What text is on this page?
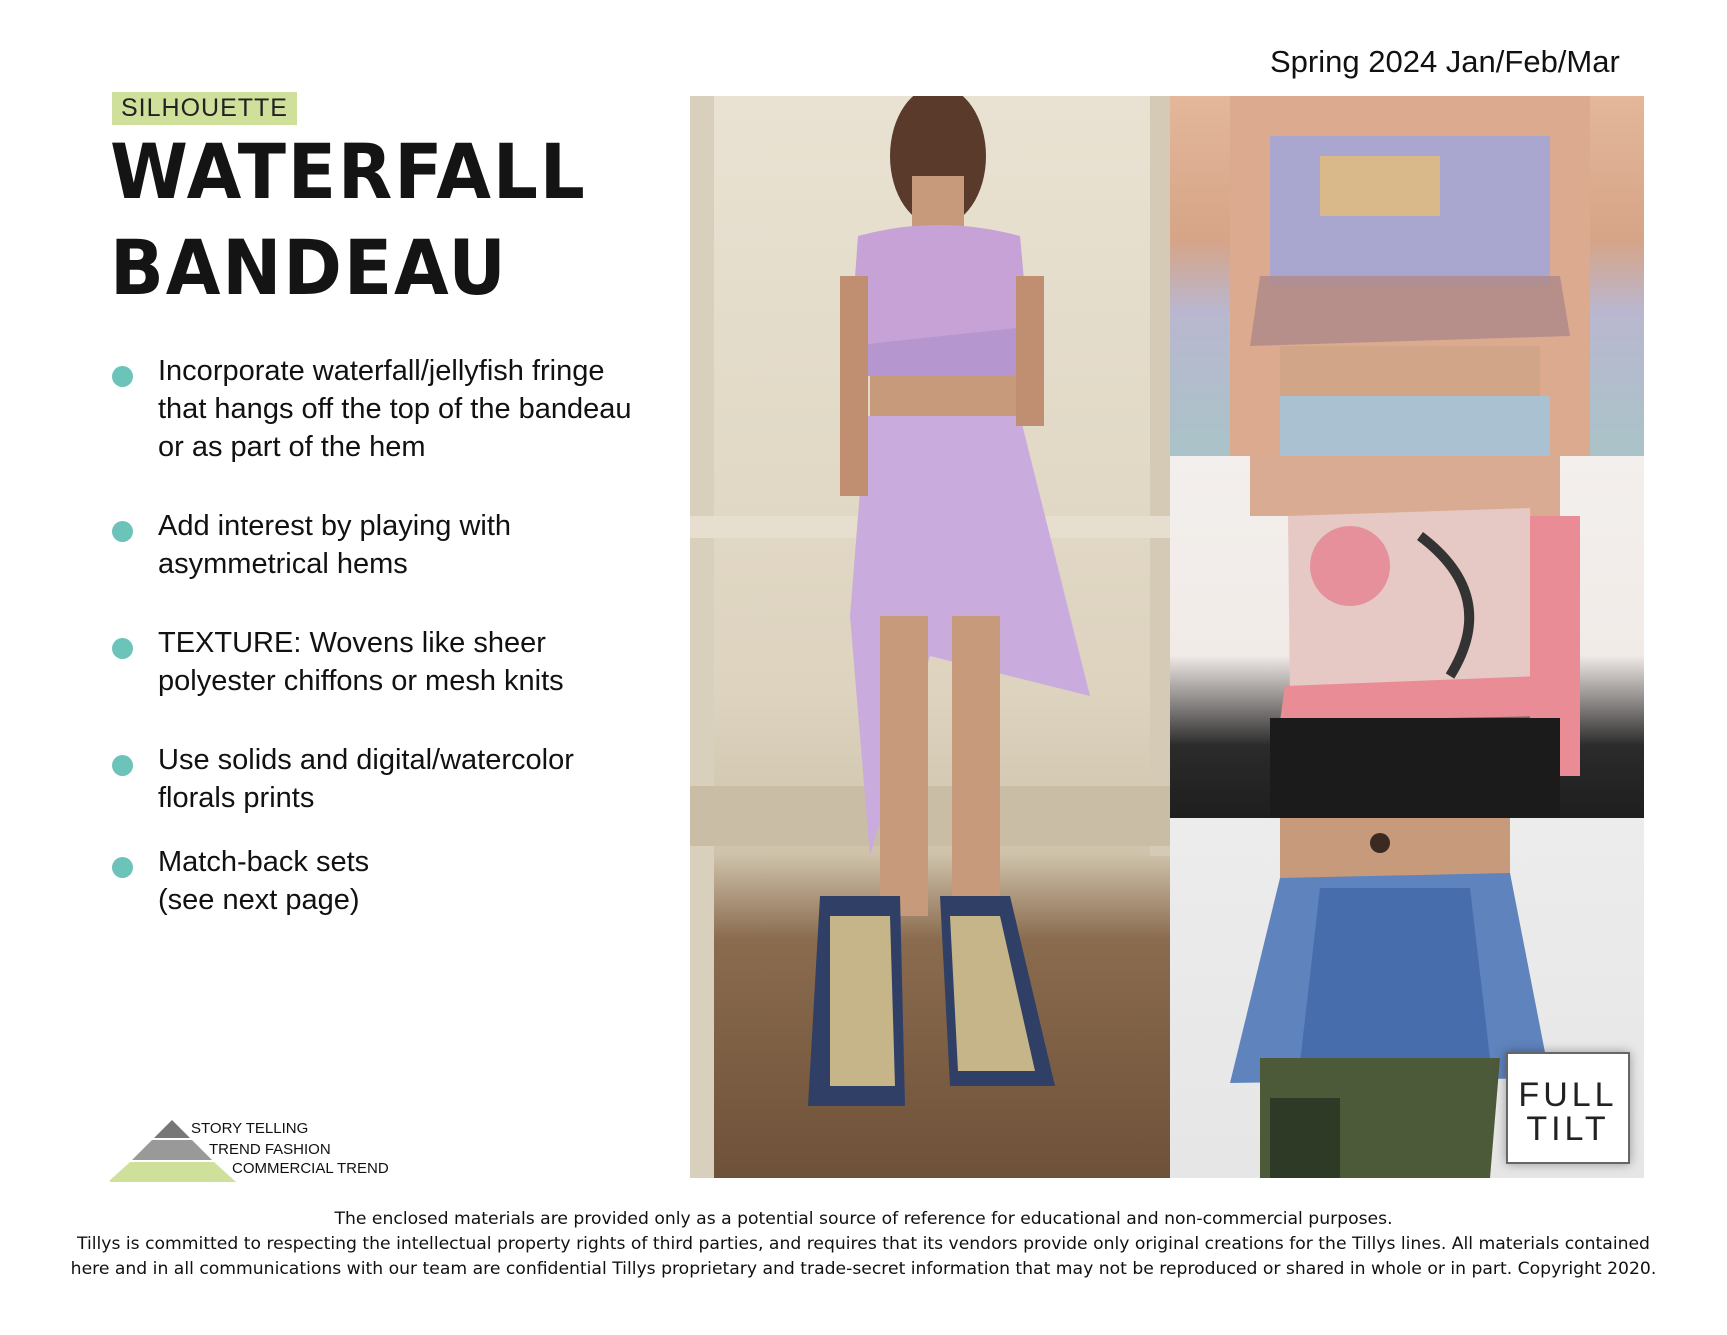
Spring 2024 Jan/Feb/Mar
SILHOUETTE
WATERFALL
BANDEAU
Incorporate waterfall/jellyfish fringe
that hangs off the top of the bandeau
or as part of the hem
Add interest by playing with
asymmetrical hems
TEXTURE: Wovens like sheer
polyester chiffons or mesh knits
Use solids and digital/watercolor
florals prints
Match-back sets
(see next page)
FULL
TILT
STORY TELLING
TREND FASHION
COMMERCIAL TREND

The enclosed materials are provided only as a potential source of reference for educational and non-commercial purposes.

Tillys is committed to respecting the intellectual property rights of third parties, and requires that its vendors provide only original creations for the Tillys lines. All materials contained

here and in all communications with our team are confidential Tillys proprietary and trade-secret information that may not be reproduced or shared in whole or in part. Copyright 2020.
